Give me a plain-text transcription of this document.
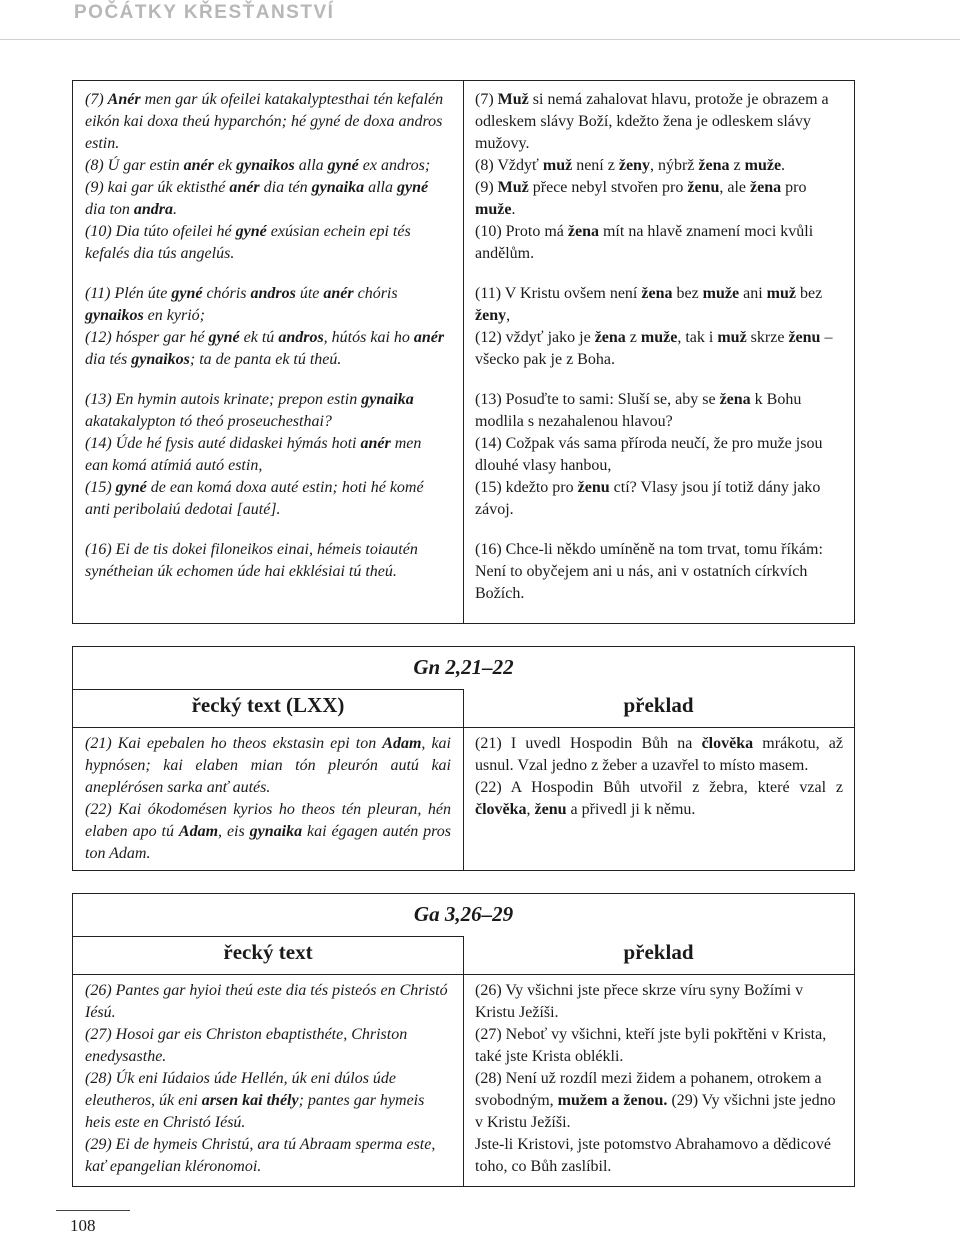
POČÁTKY KŘESŤANSTVÍ

(7) Anér men gar úk ofeilei katakalyptesthai tén kefalén eikón kai doxa theú hyparchón; hé gyné de doxa andros estin.

(8) Ú gar estin anér ek gynaikos alla gyné ex andros;

(9) kai gar úk ektisthé anér dia tén gynaika alla gyné dia ton andra.

(10) Dia túto ofeilei hé gyné exúsian echein epi tés kefalés dia tús angelús.

(11) Plén úte gyné chóris andros úte anér chóris gynaikos en kyrió;

(12) hósper gar hé gyné ek tú andros, hútós kai ho anér dia tés gynaikos; ta de panta ek tú theú.

(13) En hymin autois krinate; prepon estin gynaika akatakalypton tó theó proseuchesthai?

(14) Úde hé fysis auté didaskei hýmás hoti anér men ean komá atímiá autó estin,

(15) gyné de ean komá doxa auté estin; hoti hé komé anti peribolaiú dedotai [auté].

(16) Ei de tis dokei filoneikos einai, hémeis toiautén synétheian úk echomen úde hai ekklésiai tú theú.

(7) Muž si nemá zahalovat hlavu, protože je obrazem a odleskem slávy Boží, kdežto žena je odleskem slávy mužovy.

(8) Vždyť muž není z ženy, nýbrž žena z muže.

(9) Muž přece nebyl stvořen pro ženu, ale žena pro muže.

(10) Proto má žena mít na hlavě znamení moci kvůli andělům.

(11) V Kristu ovšem není žena bez muže ani muž bez ženy,

(12) vždyť jako je žena z muže, tak i muž skrze ženu – všecko pak je z Boha.

(13) Posuďte to sami: Sluší se, aby se žena k Bohu modlila s nezahalenou hlavou?

(14) Cožpak vás sama příroda neučí, že pro muže jsou dlouhé vlasy hanbou,

(15) kdežto pro ženu ctí? Vlasy jsou jí totiž dány jako závoj.

(16) Chce-li někdo umíněně na tom trvat, tomu říkám: Není to obyčejem ani u nás, ani v ostatních církvích Božích.

Gn 2,21–22
řecký text (LXX)	překlad

(21) Kai epebalen ho theos ekstasin epi ton Adam, kai hypnósen; kai elaben mian tón pleurón autú kai aneplérósen sarka anť autés.

(22) Kai ókodomésen kyrios ho theos tén pleuran, hén elaben apo tú Adam, eis gynaika kai égagen autén pros ton Adam.

(21) I uvedl Hospodin Bůh na člověka mrákotu, až usnul. Vzal jedno z žeber a uzavřel to místo masem.

(22) A Hospodin Bůh utvořil z žebra, které vzal z člověka, ženu a přivedl ji k němu.

Ga 3,26–29
řecký text	překlad

(26) Pantes gar hyioi theú este dia tés pisteós en Christó Iésú.

(27) Hosoi gar eis Christon ebaptisthéte, Christon enedysasthe.

(28) Úk eni Iúdaios úde Hellén, úk eni dúlos úde eleutheros, úk eni arsen kai thély; pantes gar hymeis heis este en Christó Iésú.

(29) Ei de hymeis Christú, ara tú Abraam sperma este, kať epangelian kléronomoi.

(26) Vy všichni jste přece skrze víru syny Božími v Kristu Ježíši.

(27) Neboť vy všichni, kteří jste byli pokřtěni v Krista, také jste Krista oblékli.

(28) Není už rozdíl mezi židem a pohanem, otrokem a svobodným, mužem a ženou. (29) Vy všichni jste jedno v Kristu Ježíši.

Jste-li Kristovi, jste potomstvo Abrahamovo a dědicové toho, co Bůh zaslíbil.

108
